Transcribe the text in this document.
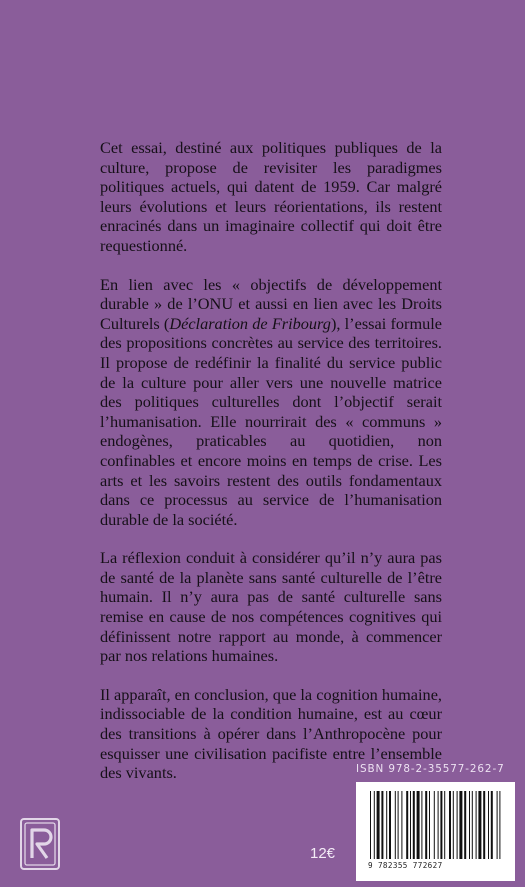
Cet essai, destiné aux politiques publiques de la culture, propose de revisiter les paradigmes politiques actuels, qui datent de 1959. Car malgré leurs évolutions et leurs réorientations, ils restent enracinés dans un imaginaire collectif qui doit être requestionné.

En lien avec les « objectifs de développement durable » de l’ONU et aussi en lien avec les Droits Culturels (Déclaration de Fribourg), l’essai formule des propositions concrètes au service des territoires. Il propose de redéfinir la finalité du service public de la culture pour aller vers une nouvelle matrice des politiques culturelles dont l’objectif serait l’humanisation. Elle nourrirait des « communs » endogènes, praticables au quotidien, non confinables et encore moins en temps de crise. Les arts et les savoirs restent des outils fondamentaux dans ce processus au service de l’humanisation durable de la société.

La réflexion conduit à considérer qu’il n’y aura pas de santé de la planète sans santé culturelle de l’être humain. Il n’y aura pas de santé culturelle sans remise en cause de nos compétences cognitives qui définissent notre rapport au monde, à commencer par nos relations humaines.

Il apparaît, en conclusion, que la cognition humaine, indissociable de la condition humaine, est au cœur des transitions à opérer dans l’Anthropocène pour esquisser une civilisation pacifiste entre l’ensemble des vivants.	ISBN 978-2-35577-262-7
9 782355 772627
12€
